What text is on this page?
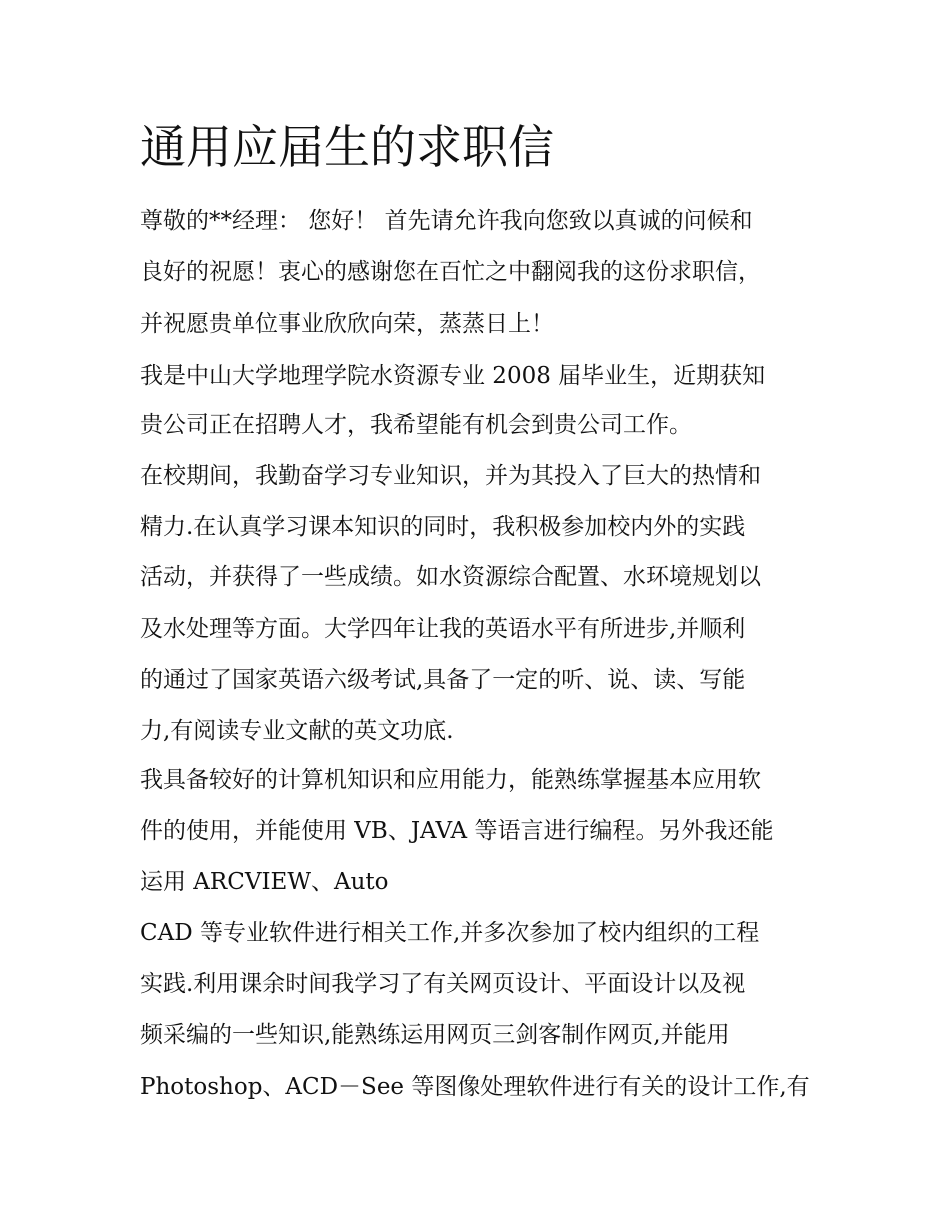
通用应届生的求职信

尊敬的**经理： 您好！ 首先请允许我向您致以真诚的问候和

良好的祝愿！衷心的感谢您在百忙之中翻阅我的这份求职信，

并祝愿贵单位事业欣欣向荣，蒸蒸日上！

我是中山大学地理学院水资源专业 2008 届毕业生，近期获知

贵公司正在招聘人才，我希望能有机会到贵公司工作。

在校期间，我勤奋学习专业知识，并为其投入了巨大的热情和

精力.在认真学习课本知识的同时，我积极参加校内外的实践

活动，并获得了一些成绩。如水资源综合配置、水环境规划以

及水处理等方面。大学四年让我的英语水平有所进步,并顺利

的通过了国家英语六级考试,具备了一定的听、说、读、写能

力,有阅读专业文献的英文功底.

我具备较好的计算机知识和应用能力，能熟练掌握基本应用软

件的使用，并能使用 VB、JAVA 等语言进行编程。另外我还能

运用 ARCVIEW、Auto

CAD 等专业软件进行相关工作,并多次参加了校内组织的工程

实践.利用课余时间我学习了有关网页设计、平面设计以及视

频采编的一些知识,能熟练运用网页三剑客制作网页,并能用

Photoshop、ACD－See 等图像处理软件进行有关的设计工作,有
